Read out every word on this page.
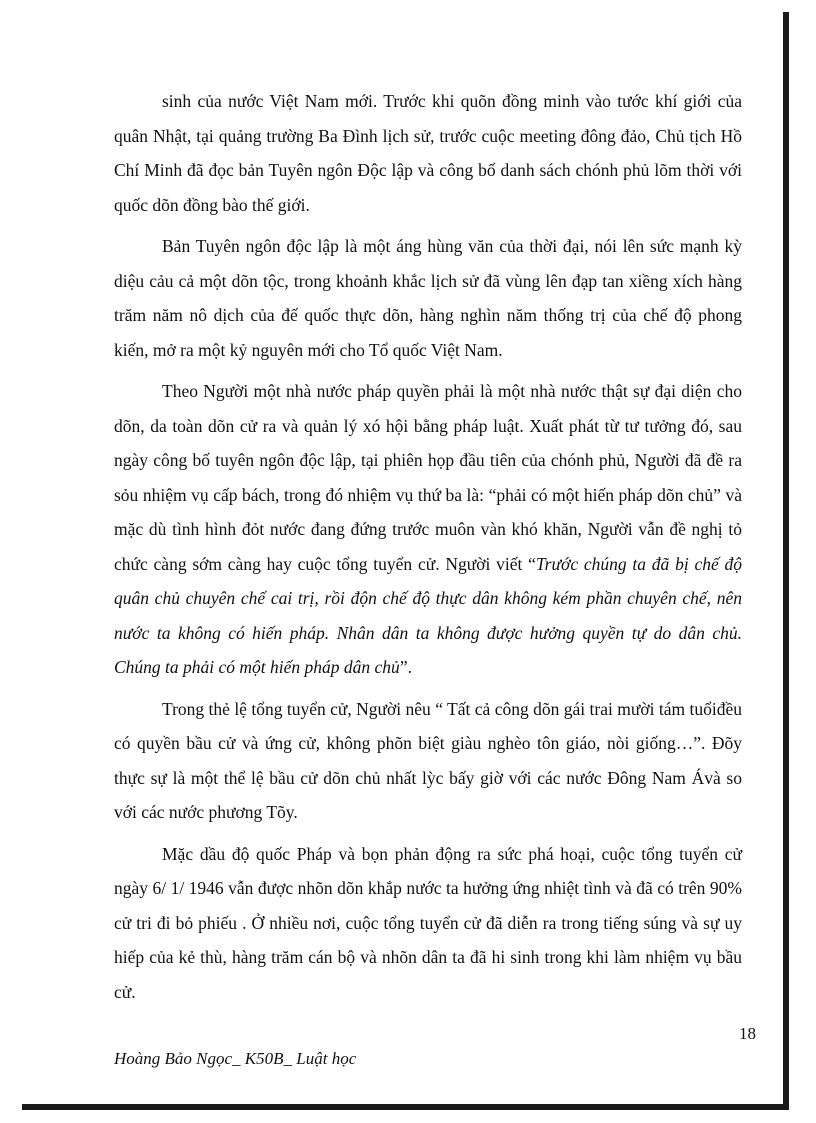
sinh của nước Việt Nam mới. Trước khi quõn đồng minh vào tước khí giới của quân Nhật, tại quảng trường Ba Đình lịch sử, trước cuộc meeting đông đảo, Chủ tịch Hồ Chí Minh đã đọc bản Tuyên ngôn Độc lập và công bố danh sách chónh phủ lõm thời với quốc dõn đồng bào thế giới.

Bản Tuyên ngôn độc lập là một áng hùng văn của thời đại, nói lên sức mạnh kỳ diệu cảu cả một dõn tộc, trong khoảnh khắc lịch sử đã vùng lên đạp tan xiềng xích hàng trăm năm nô dịch của đế quốc thực dõn, hàng nghìn năm thống trị của chế độ phong kiến, mở ra một kỷ nguyên mới cho Tổ quốc Việt Nam.

Theo Người một nhà nước pháp quyền phải là một nhà nước thật sự đại diện cho dõn, da toàn dõn cử ra và quản lý xó hội bằng pháp luật. Xuất phát từ tư tưởng đó, sau ngày công bố tuyên ngôn độc lập, tại phiên họp đầu tiên của chónh phủ, Người đã đề ra sỏu nhiệm vụ cấp bách, trong đó nhiệm vụ thứ ba là: “phải có một hiến pháp dõn chủ” và mặc dù tình hình đỏt nước đang đứng trước muôn vàn khó khăn, Người vẫn đề nghị tỏ chức càng sớm càng hay cuộc tổng tuyển cử. Người viết “Trước chúng ta đã bị chế độ quân chủ chuyên chế cai trị, rồi độn chế độ thực dân không kém phần chuyên chế, nên nước ta không có hiến pháp. Nhân dân ta không được hưởng quyền tự do dân chủ. Chúng ta phải có một hiến pháp dân chủ”.

Trong thẻ lệ tổng tuyển cử, Người nêu “ Tất cả công dõn gái trai mười tám tuổiđều có quyền bầu cử và ứng cử, không phõn biệt giàu nghèo tôn giáo, nòi giống…”. Đõy thực sự là một thể lệ bầu cử dõn chủ nhất lỳc bấy giờ với các nước Đông Nam Ávà so với các nước phương Tõy.

Mặc dầu độ quốc Pháp và bọn phản động ra sức phá hoại, cuộc tổng tuyển cử ngày 6/ 1/ 1946 vẫn được nhõn dõn khắp nước ta hưởng ứng nhiệt tình và đã có trên 90% cử tri đi bỏ phiếu . Ở nhiều nơi, cuộc tổng tuyển cử đã diễn ra trong tiếng súng và sự uy hiếp của kẻ thù, hàng trăm cán bộ và nhõn dân ta đã hi sinh trong khi làm nhiệm vụ bầu cử.

18
Hoàng Bảo Ngọc_ K50B_ Luật học
